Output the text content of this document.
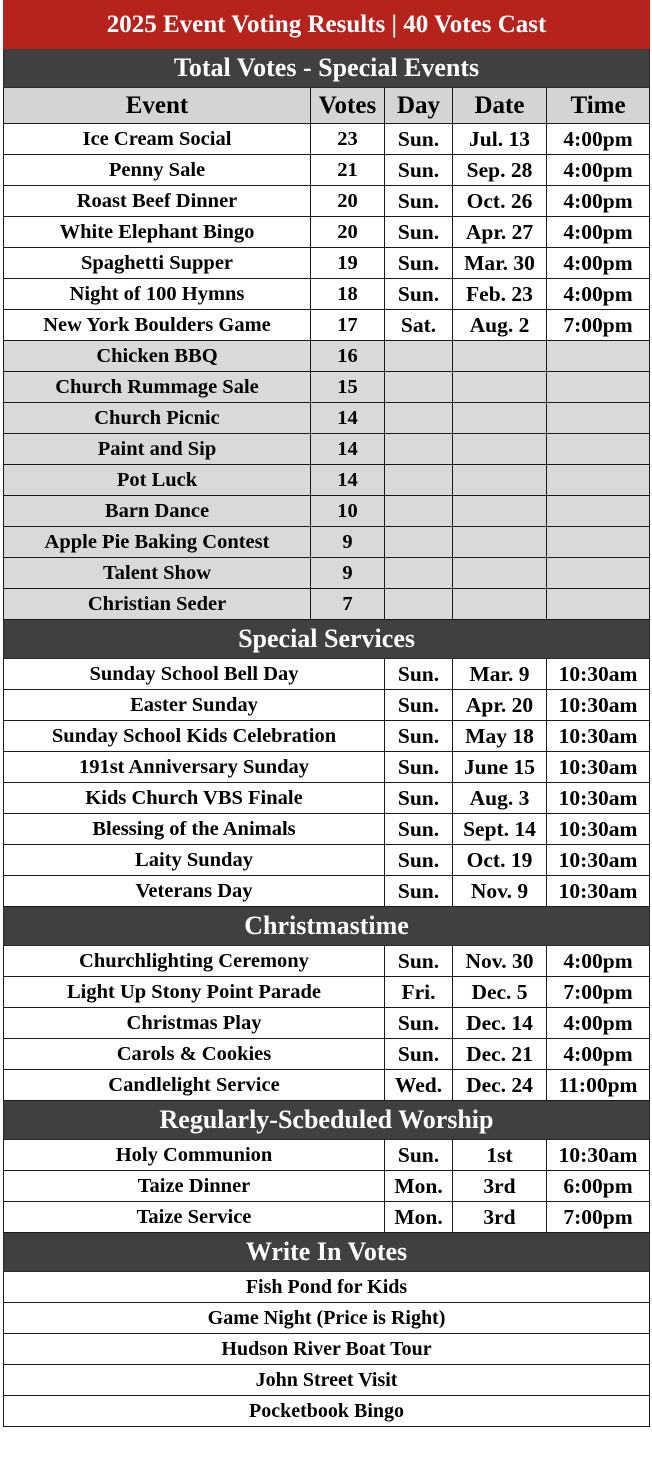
2025 Event Voting Results | 40 Votes Cast				
Total Votes - Special Events				
Event	Votes	Day	Date	Time
Ice Cream Social	23	Sun.	Jul. 13	4:00pm
Penny Sale	21	Sun.	Sep. 28	4:00pm
Roast Beef Dinner	20	Sun.	Oct. 26	4:00pm
White Elephant Bingo	20	Sun.	Apr. 27	4:00pm
Spaghetti Supper	19	Sun.	Mar. 30	4:00pm
Night of 100 Hymns	18	Sun.	Feb. 23	4:00pm
New York Boulders Game	17	Sat.	Aug. 2	7:00pm
Chicken BBQ	16			
Church Rummage Sale	15			
Church Picnic	14			
Paint and Sip	14			
Pot Luck	14			
Barn Dance	10			
Apple Pie Baking Contest	9			
Talent Show	9			
Christian Seder	7			
Special Services				
Sunday School Bell Day		Sun.	Mar. 9	10:30am
Easter Sunday		Sun.	Apr. 20	10:30am
Sunday School Kids Celebration		Sun.	May 18	10:30am
191st Anniversary Sunday		Sun.	June 15	10:30am
Kids Church VBS Finale		Sun.	Aug. 3	10:30am
Blessing of the Animals		Sun.	Sept. 14	10:30am
Laity Sunday		Sun.	Oct. 19	10:30am
Veterans Day		Sun.	Nov. 9	10:30am
Christmastime				
Churchlighting Ceremony		Sun.	Nov. 30	4:00pm
Light Up Stony Point Parade		Fri.	Dec. 5	7:00pm
Christmas Play		Sun.	Dec. 14	4:00pm
Carols & Cookies		Sun.	Dec. 21	4:00pm
Candlelight Service		Wed.	Dec. 24	11:00pm
Regularly-Scbeduled Worship				
Holy Communion		Sun.	1st	10:30am
Taize Dinner		Mon.	3rd	6:00pm
Taize Service		Mon.	3rd	7:00pm
Write In Votes				
Fish Pond for Kids				
Game Night (Price is Right)				
Hudson River Boat Tour				
John Street Visit				
Pocketbook Bingo				
